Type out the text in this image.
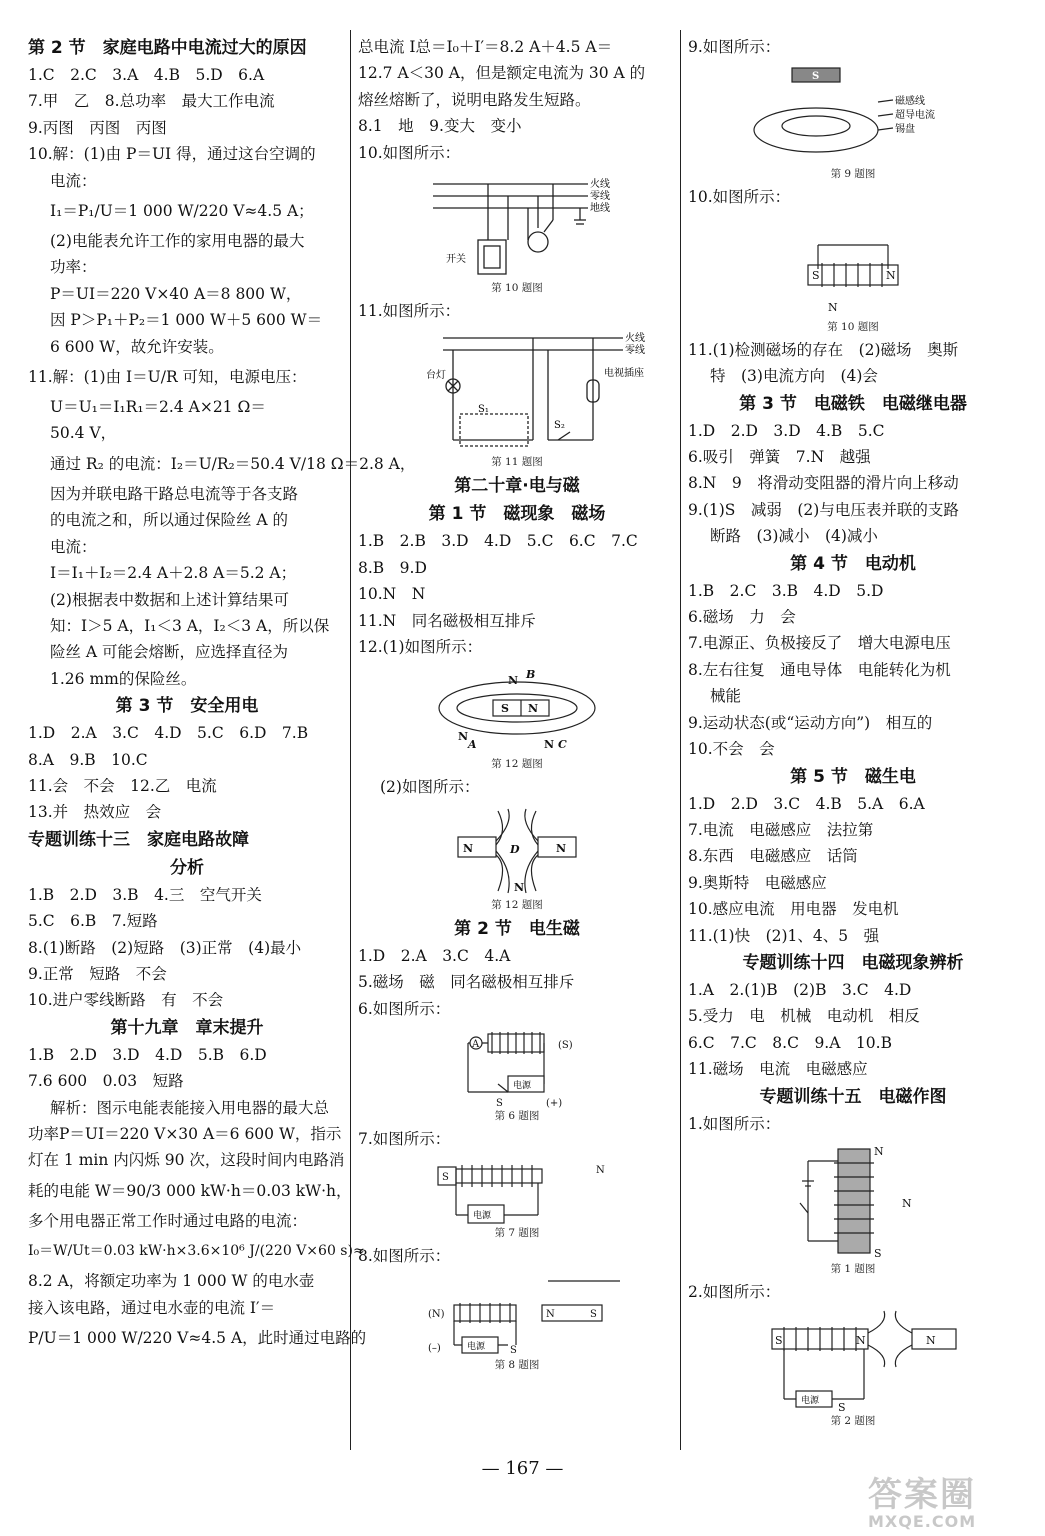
第 2 节　家庭电路中电流过大的原因
1.C　2.C　3.A　4.B　5.D　6.A
7.甲　乙　8.总功率　最大工作电流
9.丙图　丙图　丙图
10.解：(1)由 P＝UI 得，通过这台空调的
电流：
I₁＝P₁/U＝1 000 W/220 V≈4.5 A；
(2)电能表允许工作的家用电器的最大
功率：
P＝UI＝220 V×40 A＝8 800 W，
因 P＞P₁＋P₂＝1 000 W＋5 600 W＝
6 600 W，故允许安装。
11.解：(1)由 I＝U/R 可知，电源电压：
U＝U₁＝I₁R₁＝2.4 A×21 Ω＝
50.4 V，
通过 R₂ 的电流：I₂＝U/R₂＝50.4 V/18 Ω＝2.8 A，
因为并联电路干路总电流等于各支路
的电流之和，所以通过保险丝 A 的
电流：
I＝I₁＋I₂＝2.4 A＋2.8 A＝5.2 A；
(2)根据表中数据和上述计算结果可
知：I＞5 A，I₁＜3 A，I₂＜3 A，所以保
险丝 A 可能会熔断，应选择直径为
1.26 mm的保险丝。
第 3 节　安全用电
1.D　2.A　3.C　4.D　5.C　6.D　7.B
8.A　9.B　10.C
11.会　不会　12.乙　电流
13.并　热效应　会
专题训练十三　家庭电路故障
分析
1.B　2.D　3.B　4.三　空气开关
5.C　6.B　7.短路
8.(1)断路　(2)短路　(3)正常　(4)最小
9.正常　短路　不会
10.进户零线断路　有　不会
第十九章　章末提升
1.B　2.D　3.D　4.D　5.B　6.D
7.6 600　0.03　短路
解析：图示电能表能接入用电器的最大总
功率P＝UI＝220 V×30 A＝6 600 W，指示
灯在 1 min 内闪烁 90 次，这段时间内电路消
耗的电能 W＝90/3 000 kW·h＝0.03 kW·h，
多个用电器正常工作时通过电路的电流：
I₀＝W/Ut＝0.03 kW·h×3.6×10⁶ J/(220 V×60 s)≈
8.2 A，将额定功率为 1 000 W 的电水壶
接入该电路，通过电水壶的电流 I′＝
P/U＝1 000 W/220 V≈4.5 A，此时通过电路的
总电流 I总＝I₀＋I′＝8.2 A＋4.5 A＝
12.7 A＜30 A，但是额定电流为 30 A 的
熔丝熔断了，说明电路发生短路。
8.1　地　9.变大　变小
10.如图所示：
火线
零线
地线
开关
第 10 题图
11.如图所示：
台灯
火线
零线
电视插座
S₁
S₂
第 11 题图
第二十章·电与磁
第 1 节　磁现象　磁场
1.B　2.B　3.D　4.D　5.C　6.C　7.C
8.B　9.D
10.N　N
11.N　同名磁极相互排斥
12.(1)如图所示：
S N
N B
N
A	N C
第 12 题图
(2)如图所示：
N	N
D
N
第 12 题图
第 2 节　电生磁
1.D　2.A　3.C　4.A
5.磁场　磁　同名磁极相互排斥
6.如图所示：
电源
A	(S)
(+)
S
第 6 题图
7.如图所示：
电源
S
N
第 7 题图
8.如图所示：
电源
(N)	N	S
(–)	S
第 8 题图
9.如图所示：
S
磁感线
超导电流
锡盘
第 9 题图
10.如图所示：
S	N
N
第 10 题图
11.(1)检测磁场的存在　(2)磁场　奥斯
特　(3)电流方向　(4)会
第 3 节　电磁铁　电磁继电器
1.D　2.D　3.D　4.B　5.C
6.吸引　弹簧　7.N　越强
8.N　9　将滑动变阻器的滑片向上移动
9.(1)S　减弱　(2)与电压表并联的支路
断路　(3)减小　(4)减小
第 4 节　电动机
1.B　2.C　3.B　4.D　5.D
6.磁场　力　会
7.电源正、负极接反了　增大电源电压
8.左右往复　通电导体　电能转化为机
械能
9.运动状态(或“运动方向”)　相互的
10.不会　会
第 5 节　磁生电
1.D　2.D　3.C　4.B　5.A　6.A
7.电流　电磁感应　法拉第
8.东西　电磁感应　话筒
9.奥斯特　电磁感应
10.感应电流　用电器　发电机
11.(1)快　(2)1、4、5　强
专题训练十四　电磁现象辨析
1.A　2.(1)B　(2)B　3.C　4.D
5.受力　电　机械　电动机　相反
6.C　7.C　8.C　9.A　10.B
11.磁场　电流　电磁感应
专题训练十五　电磁作图
1.如图所示：
N
S
N
第 1 题图
2.如图所示：
电源
S	N	N
S
第 2 题图
— 167 —
答案圈
MXQE.COM
